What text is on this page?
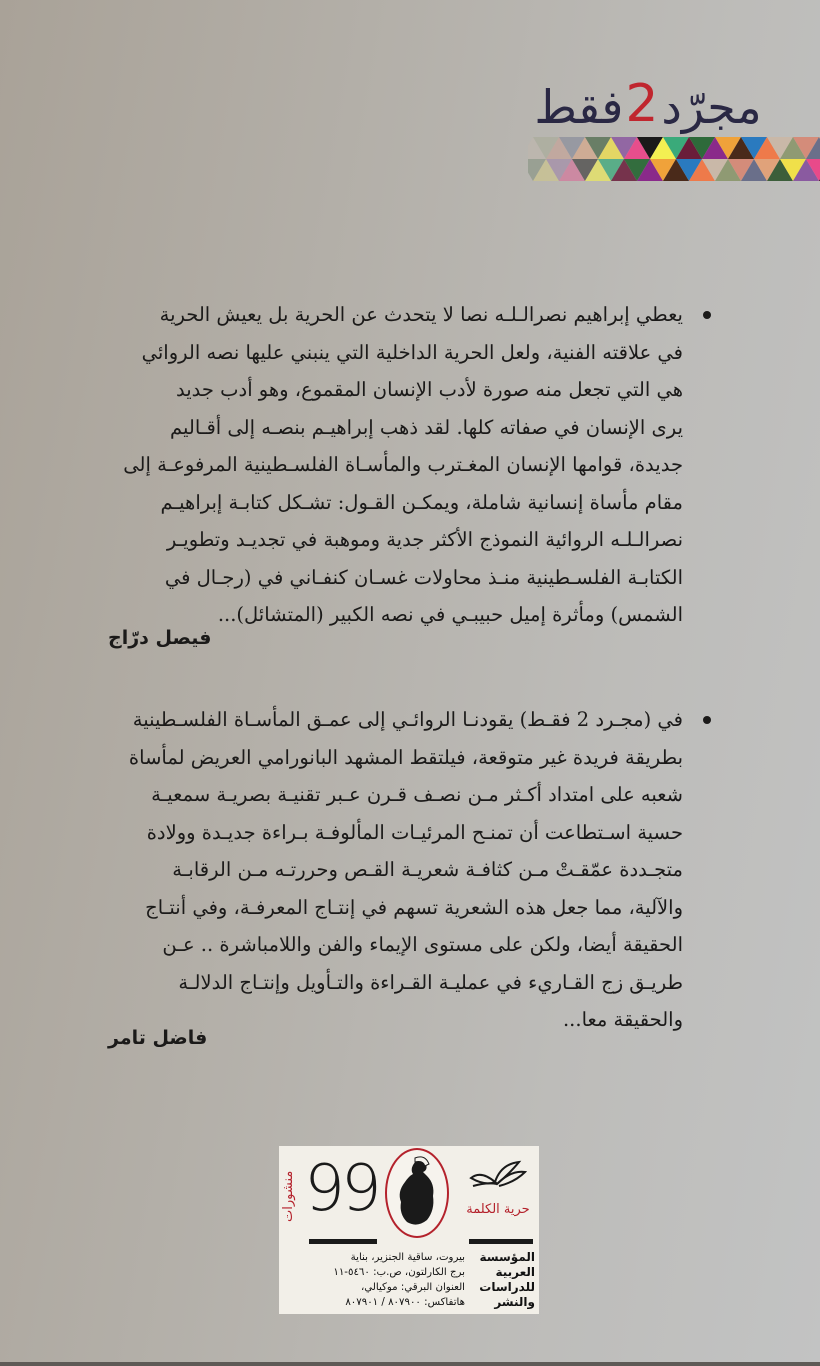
مجرّد
2
فقط

يعطي إبراهيم نصرالـلـه نصا لا يتحدث عن الحرية بل يعيش الحرية

في علاقته الفنية، ولعل الحرية الداخلية التي ينبني عليها نصه الروائي

هي التي تجعل منه صورة لأدب الإنسان المقموع، وهو أدب جديد

يرى الإنسان في صفاته كلها. لقد ذهب إبراهيـم بنصـه إلى أقـاليم

جديدة، قوامها الإنسان المغـترب والمأسـاة الفلسـطينية المرفوعـة إلى

مقام مأساة إنسانية شاملة، ويمكـن القـول: تشـكل كتابـة إبراهيـم

نصرالـلـه الروائية النموذج الأكثر جدية وموهبة في تجديـد وتطويـر

الكتابـة الفلسـطينية منـذ محاولات غسـان كنفـاني في (رجـال في

الشمس) ومأثرة إميل حبيبـي في نصه الكبير (المتشائل)...

فيصل درّاج

في (مجـرد 2 فقـط) يقودنـا الروائـي إلى عمـق المأسـاة الفلسـطينية

بطريقة فريدة غير متوقعة، فيلتقط المشهد البانورامي العريض لمأساة

شعبه على امتداد أكـثر مـن نصـف قـرن عـبر تقنيـة بصريـة سمعيـة

حسية اسـتطاعت أن تمنـح المرئيـات المألوفـة بـراءة جديـدة وولادة

متجـددة عمّقـتْ مـن كثافـة شعريـة القـص وحررتـه مـن الرقابـة

والآلية، مما جعل هذه الشعرية تسهم في إنتـاج المعرفـة، وفي أنتـاج

الحقيقة أيضا، ولكن على مستوى الإيماء والفن واللامباشرة .. عـن

طريـق زج القـاريء في عمليـة القـراءة والتـأويل وإنتـاج الدلالـة

والحقيقة معا...

فاضل تامر
منشورات 99	حرية الكلمة
المؤسسة
العربية
للدراسات
والنشر
بيروت، ساقية الجنزير، بناية
برج الكارلتون، ص.ب: ٥٤٦٠-١١
العنوان البرقي: موكيالي،
هاتفاكس: ٨٠٧٩٠٠ / ٨٠٧٩٠١
